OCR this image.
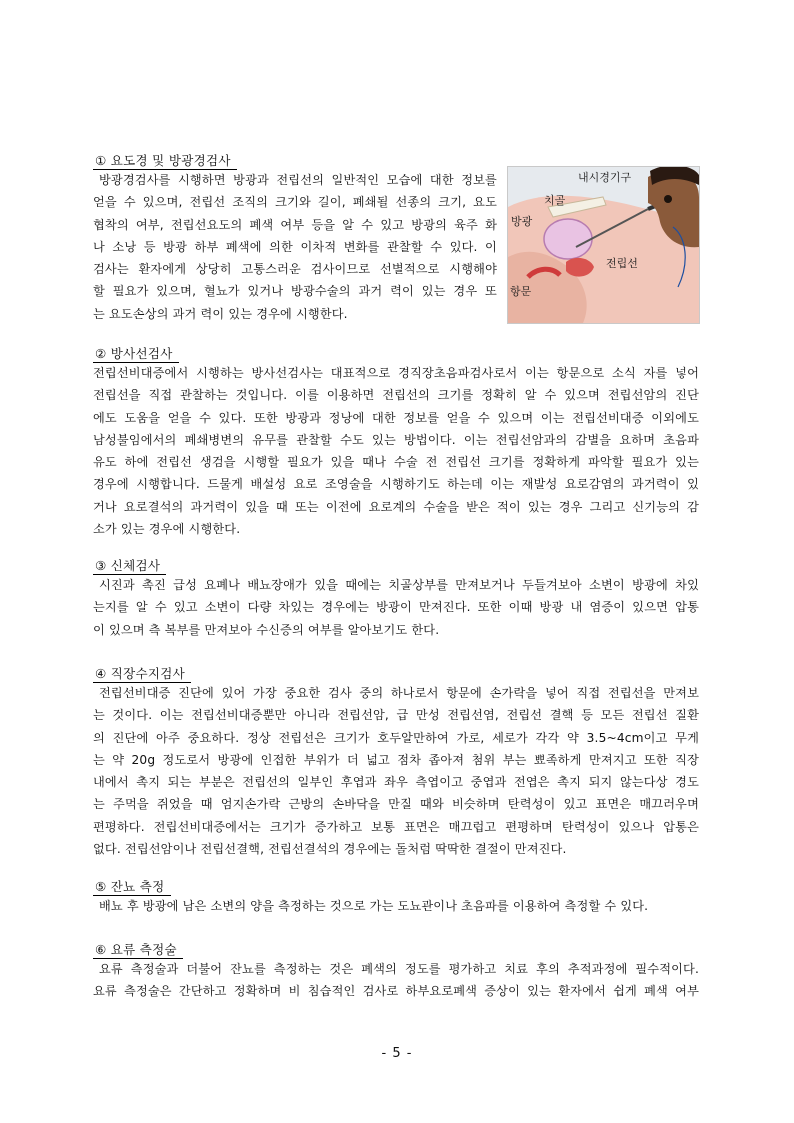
① 요도경 및 방광경검사
방광경검사를 시행하면 방광과 전립선의 일반적인 모습에 대한 정보를
얻을 수 있으며, 전립선 조직의 크기와 길이, 폐쇄될 선종의 크기, 요도
협착의 여부, 전립선요도의 폐색 여부 등을 알 수 있고 방광의 육주 화
나 소낭 등 방광 하부 폐색에 의한 이차적 변화를 관찰할 수 있다. 이
검사는 환자에게 상당히 고통스러운 검사이므로 선별적으로 시행해야
할 필요가 있으며, 혈뇨가 있거나 방광수술의 과거 력이 있는 경우 또
는 요도손상의 과거 력이 있는 경우에 시행한다.
내시경기구
치골
방광
전립선
항문
② 방사선검사
전립선비대증에서 시행하는 방사선검사는 대표적으로 경직장초음파검사로서 이는 항문으로 소식 자를 넣어
전립선을 직접 관찰하는 것입니다. 이를 이용하면 전립선의 크기를 정확히 알 수 있으며 전립선암의 진단
에도 도움을 얻을 수 있다. 또한 방광과 정낭에 대한 정보를 얻을 수 있으며 이는 전립선비대증 이외에도
남성불임에서의 폐쇄병변의 유무를 관찰할 수도 있는 방법이다. 이는 전립선암과의 감별을 요하며 초음파
유도 하에 전립선 생검을 시행할 필요가 있을 때나 수술 전 전립선 크기를 정확하게 파악할 필요가 있는
경우에 시행합니다. 드물게 배설성 요로 조영술을 시행하기도 하는데 이는 재발성 요로감염의 과거력이 있
거나 요로결석의 과거력이 있을 때 또는 이전에 요로계의 수술을 받은 적이 있는 경우 그리고 신기능의 감
소가 있는 경우에 시행한다.
③ 신체검사
시진과 촉진 급성 요폐나 배뇨장애가 있을 때에는 치골상부를 만져보거나 두들겨보아 소변이 방광에 차있
는지를 알 수 있고 소변이 다량 차있는 경우에는 방광이 만져진다. 또한 이때 방광 내 염증이 있으면 압통
이 있으며 측 복부를 만져보아 수신증의 여부를 알아보기도 한다.
④ 직장수지검사
전립선비대증 진단에 있어 가장 중요한 검사 중의 하나로서 항문에 손가락을 넣어 직접 전립선을 만져보
는 것이다. 이는 전립선비대증뿐만 아니라 전립선암, 급 만성 전립선염, 전립선 결핵 등 모든 전립선 질환
의 진단에 아주 중요하다. 정상 전립선은 크기가 호두알만하여 가로, 세로가 각각 약 3.5~4cm이고 무게
는 약 20g 정도로서 방광에 인접한 부위가 더 넓고 점차 좁아져 첨위 부는 뾰족하게 만져지고 또한 직장
내에서 촉지 되는 부분은 전립선의 일부인 후엽과 좌우 측엽이고 중엽과 전엽은 촉지 되지 않는다상 경도
는 주먹을 쥐었을 때 엄지손가락 근방의 손바닥을 만질 때와 비슷하며 탄력성이 있고 표면은 매끄러우며
편평하다. 전립선비대증에서는 크기가 증가하고 보통 표면은 매끄럽고 편평하며 탄력성이 있으나 압통은
없다. 전립선암이나 전립선결핵, 전립선결석의 경우에는 돌처럼 딱딱한 결절이 만져진다.
⑤ 잔뇨 측정
배뇨 후 방광에 남은 소변의 양을 측정하는 것으로 가는 도뇨관이나 초음파를 이용하여 측정할 수 있다.
⑥ 요류 측정술
요류 측정술과 더불어 잔뇨를 측정하는 것은 폐색의 정도를 평가하고 치료 후의 추적과정에 필수적이다.
요류 측정술은 간단하고 정확하며 비 침습적인 검사로 하부요로폐색 증상이 있는 환자에서 쉽게 폐색 여부
- 5 -
